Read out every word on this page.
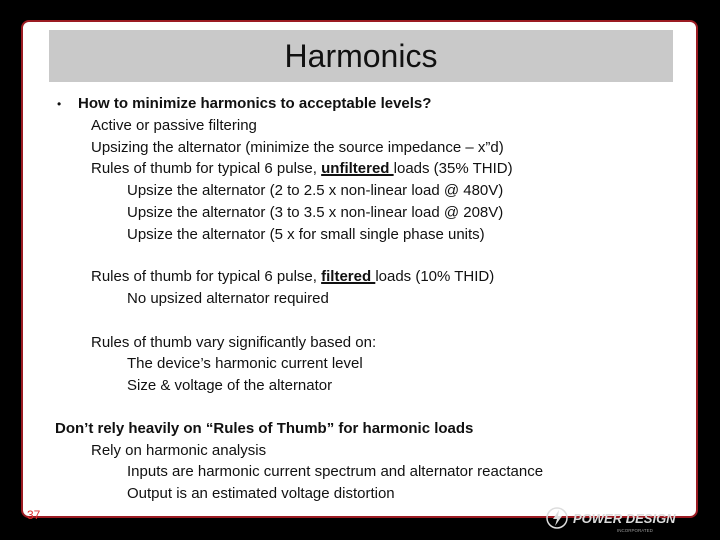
Harmonics
• How to minimize harmonics to acceptable levels?
Active or passive filtering
Upsizing the alternator (minimize the source impedance – x”d)
Rules of thumb for typical 6 pulse, unfiltered loads (35% THID)
Upsize the alternator (2 to 2.5 x non-linear load @ 480V)
Upsize the alternator (3 to 3.5 x non-linear load @ 208V)
Upsize the alternator (5 x for small single phase units)
Rules of thumb for typical 6 pulse, filtered loads (10% THID)
No upsized alternator required
Rules of thumb vary significantly based on:
The device’s harmonic current level
Size & voltage of the alternator
Don’t rely heavily on “Rules of Thumb” for harmonic loads
Rely on harmonic analysis
Inputs are harmonic current spectrum and alternator reactance
Output is an estimated voltage distortion
37	POWER DESIGN
INCORPORATED
